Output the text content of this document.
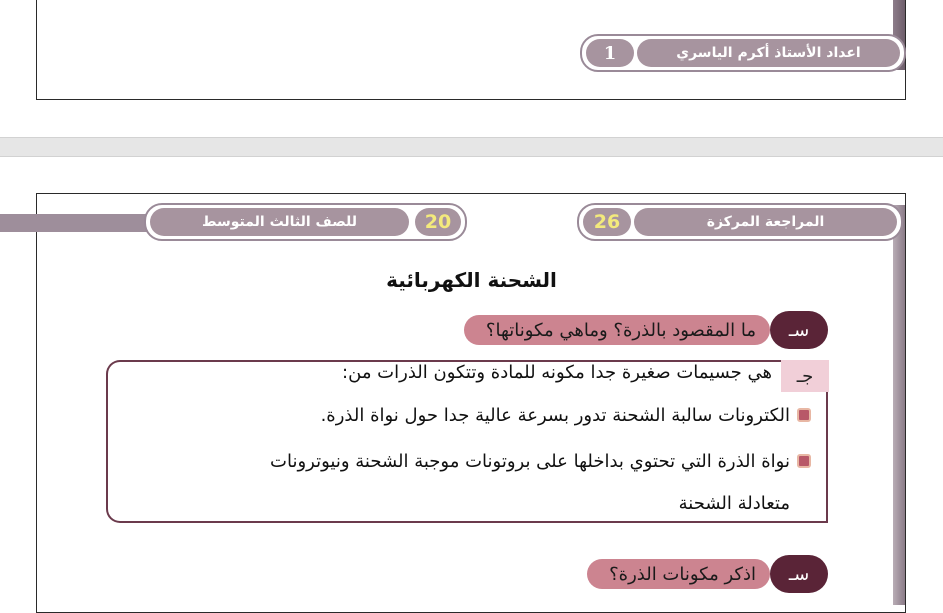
اعداد الأستاذ أكرم الياسري
1
للصف الثالث المتوسط	20	المراجعة المركزة
26
الشحنة الكهربائية
ما المقصود بالذرة؟ وماهي مكوناتها؟	س‍ـ
جـ
هي جسيمات صغيرة جدا مكونه للمادة وتتكون الذرات من:
الكترونات سالبة الشحنة تدور بسرعة عالية جدا حول نواة الذرة.
نواة الذرة التي تحتوي بداخلها على بروتونات موجبة الشحنة ونيوترونات
متعادلة الشحنة
اذكر مكونات الذرة؟	س‍ـ
